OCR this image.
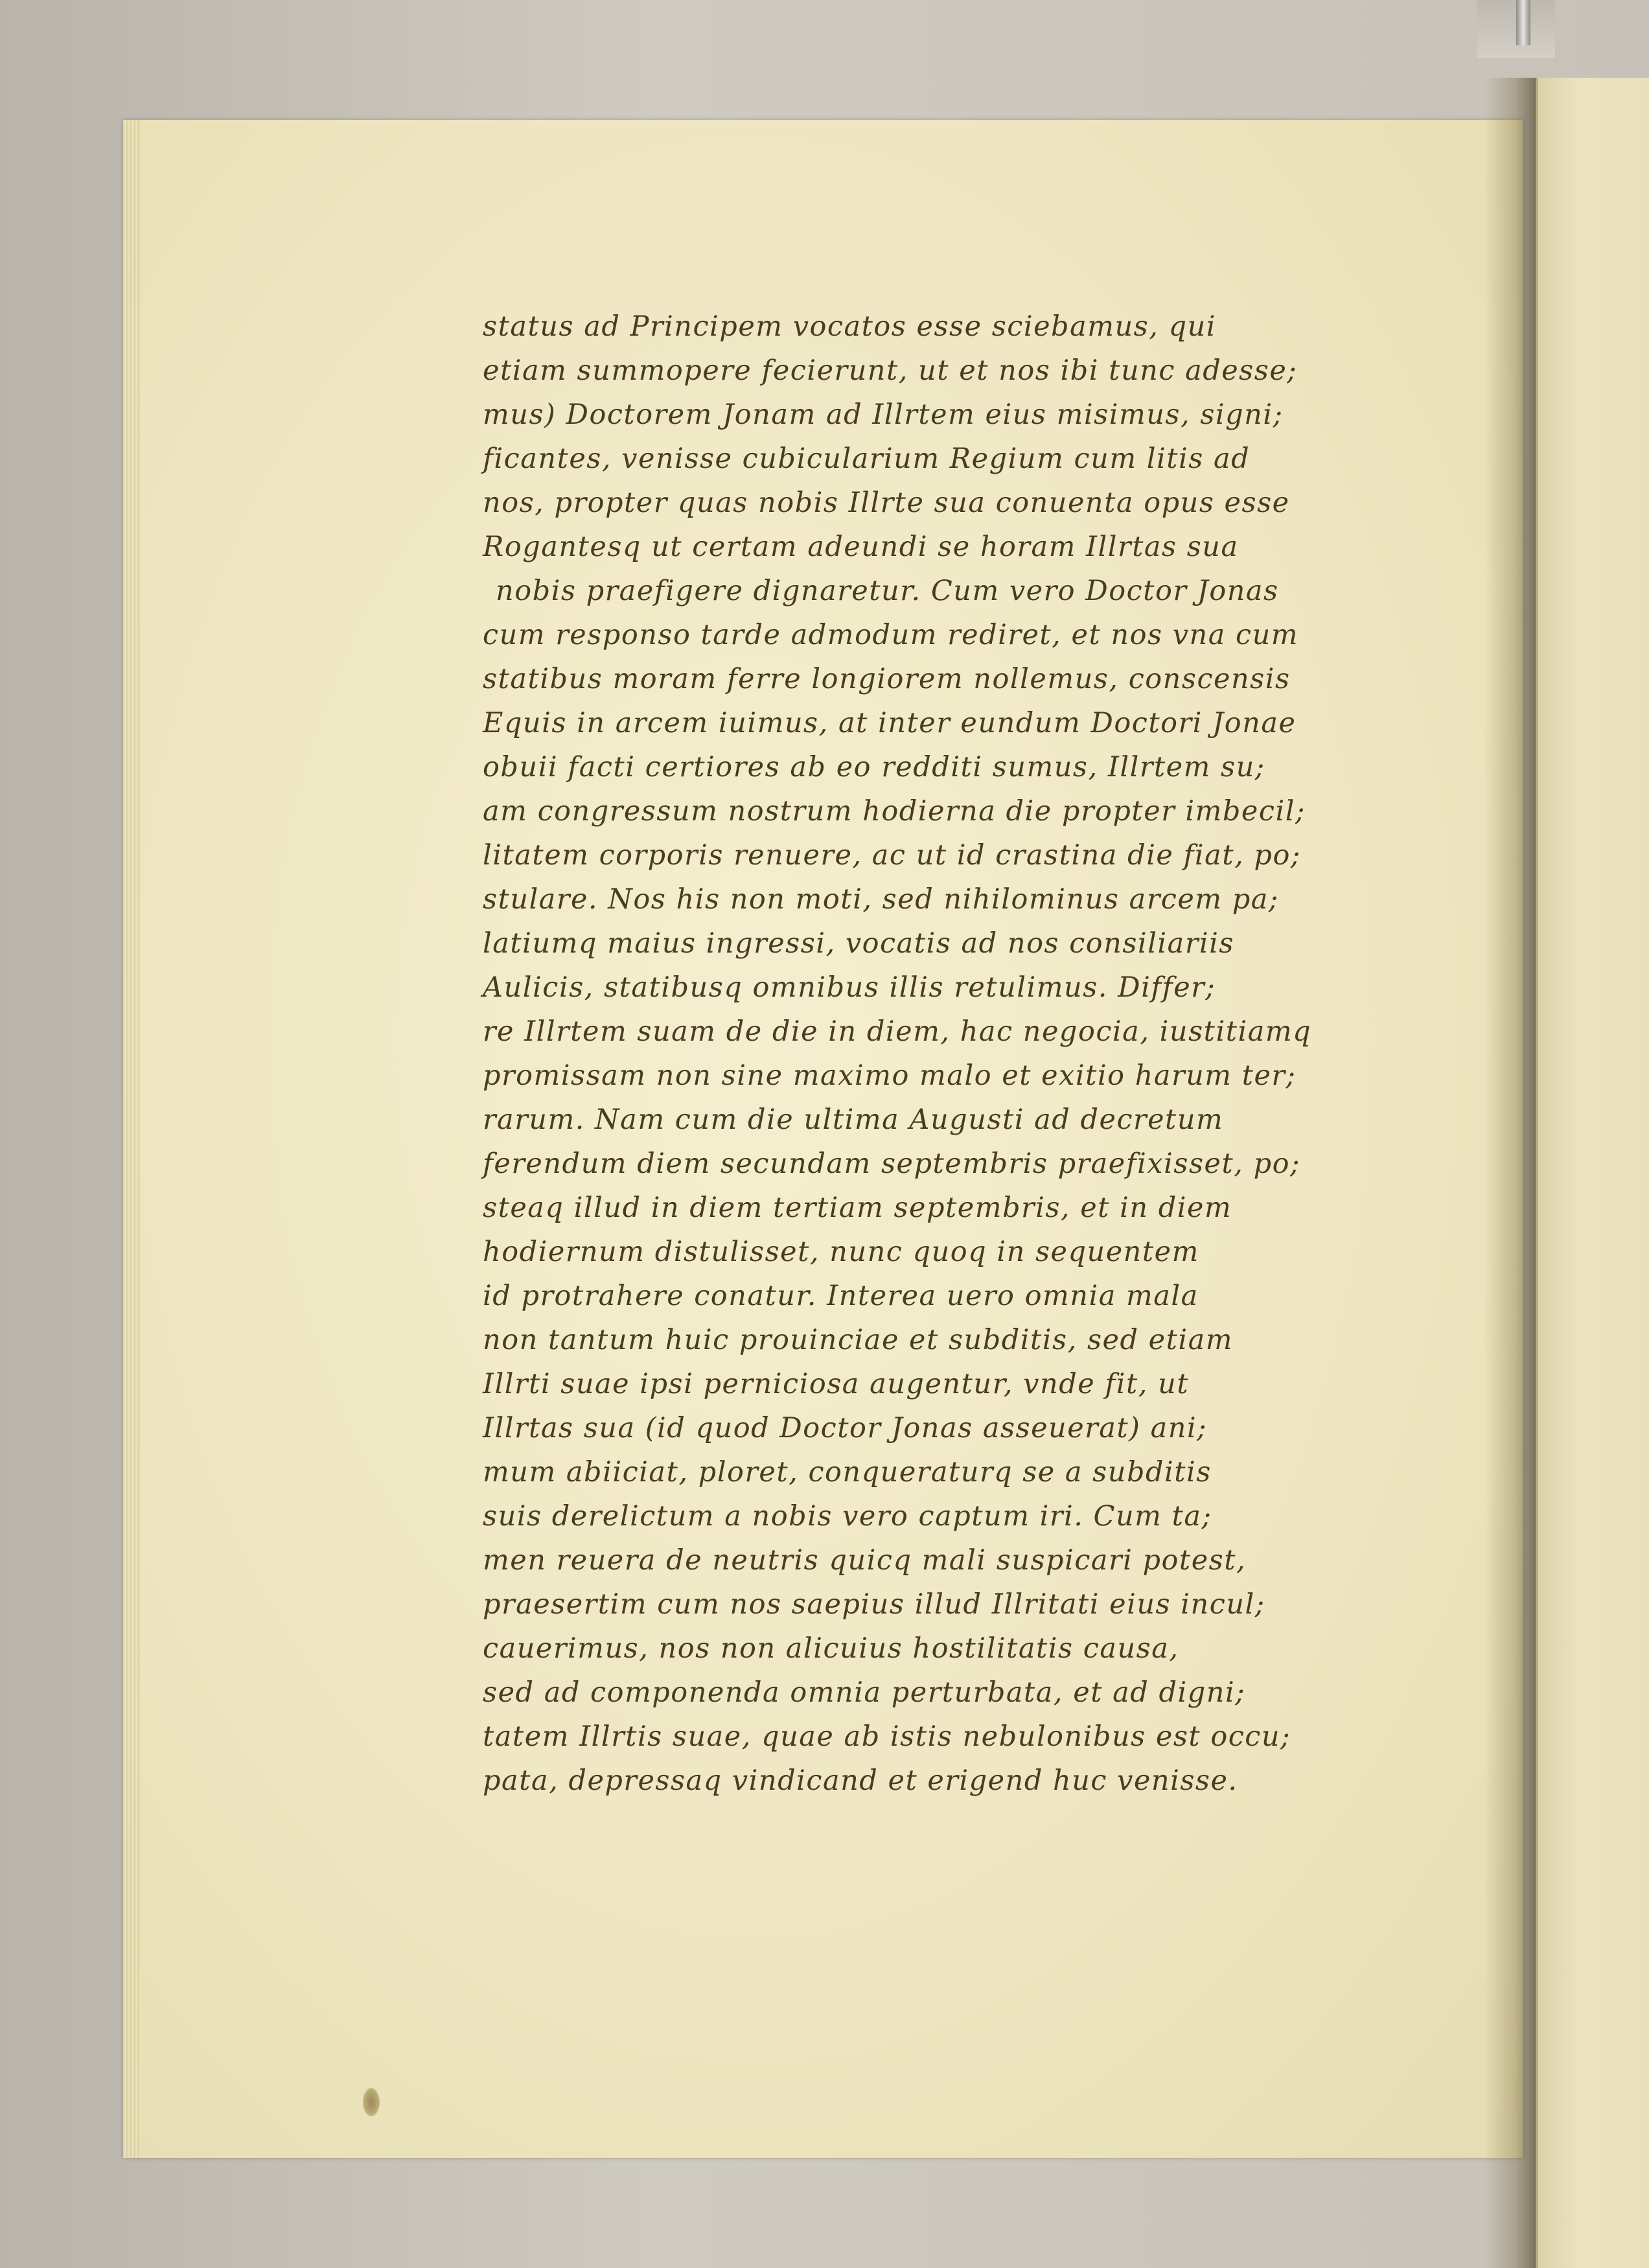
status ad Principem vocatos esse sciebamus, qui
etiam summopere fecierunt, ut et nos ibi tunc adesse;
mus) Doctorem Jonam ad Illrtem eius misimus, signi;
ficantes, venisse cubicularium Regium cum litis ad
nos, propter quas nobis Illrte sua conuenta opus esse
Rogantesq ut certam adeundi se horam Illrtas sua
nobis praefigere dignaretur. Cum vero Doctor Jonas
cum responso tarde admodum rediret, et nos vna cum
statibus moram ferre longiorem nollemus, conscensis
Equis in arcem iuimus, at inter eundum Doctori Jonae
obuii facti certiores ab eo redditi sumus, Illrtem su;
am congressum nostrum hodierna die propter imbecil;
litatem corporis renuere, ac ut id crastina die fiat, po;
stulare. Nos his non moti, sed nihilominus arcem pa;
latiumq maius ingressi, vocatis ad nos consiliariis
Aulicis, statibusq omnibus illis retulimus. Differ;
re Illrtem suam de die in diem, hac negocia, iustitiamq
promissam non sine maximo malo et exitio harum ter;
rarum. Nam cum die ultima Augusti ad decretum
ferendum diem secundam septembris praefixisset, po;
steaq illud in diem tertiam septembris, et in diem
hodiernum distulisset, nunc quoq in sequentem
id protrahere conatur. Interea uero omnia mala
non tantum huic prouinciae et subditis, sed etiam
Illrti suae ipsi perniciosa augentur, vnde fit, ut
Illrtas sua (id quod Doctor Jonas asseuerat) ani;
mum abiiciat, ploret, conqueraturq se a subditis
suis derelictum a nobis vero captum iri. Cum ta;
men reuera de neutris quicq mali suspicari potest,
praesertim cum nos saepius illud Illritati eius incul;
cauerimus, nos non alicuius hostilitatis causa,
sed ad componenda omnia perturbata, et ad digni;
tatem Illrtis suae, quae ab istis nebulonibus est occu;
pata, depressaq vindicand et erigend huc venisse.
